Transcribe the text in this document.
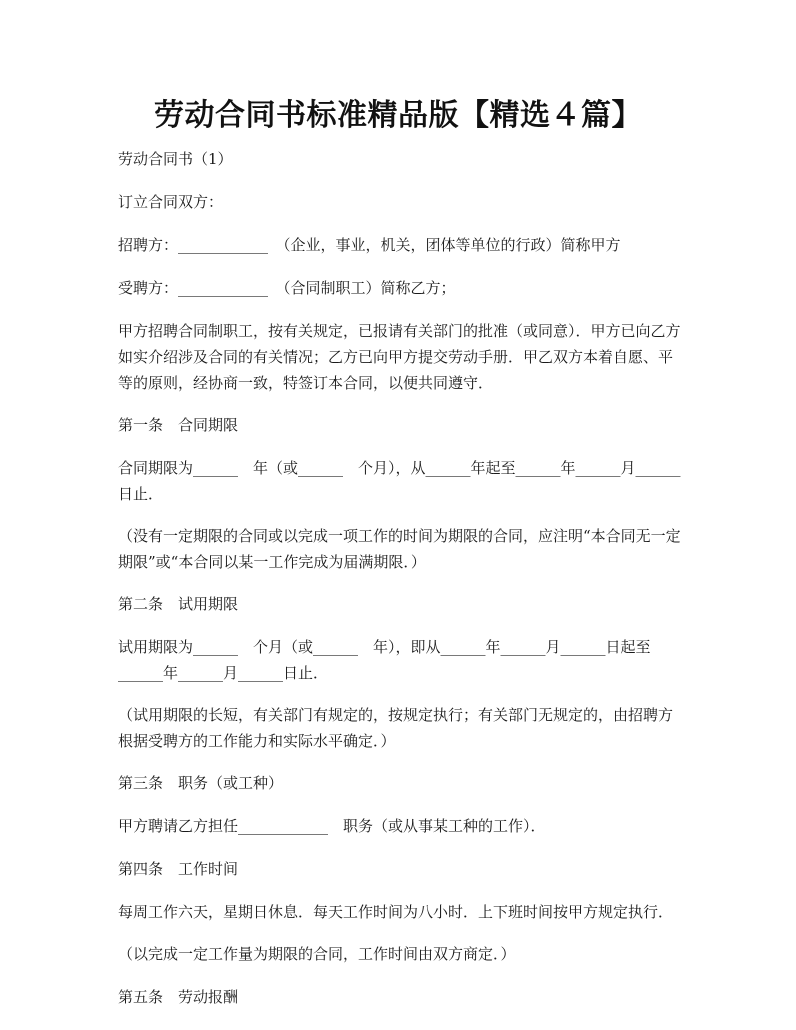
劳动合同书标准精品版【精选４篇】

劳动合同书（1）

订立合同双方：

招聘方：____________　（企业，事业，机关，团体等单位的行政）简称甲方

受聘方：____________　（合同制职工）简称乙方；

甲方招聘合同制职工，按有关规定，已报请有关部门的批准（或同意）．甲方已向乙方如实介绍涉及合同的有关情况；乙方已向甲方提交劳动手册．甲乙双方本着自愿、平等的原则，经协商一致，特签订本合同，以便共同遵守．

第一条　合同期限

合同期限为______　年（或______　个月），从______年起至______年______月______日止．

（没有一定期限的合同或以完成一项工作的时间为期限的合同，应注明“本合同无一定期限”或“本合同以某一工作完成为届满期限．）

第二条　试用期限

试用期限为______　个月（或______　年），即从______年______月______日起至______年______月______日止．

（试用期限的长短，有关部门有规定的，按规定执行；有关部门无规定的，由招聘方根据受聘方的工作能力和实际水平确定．）

第三条　职务（或工种）

甲方聘请乙方担任____________　职务（或从事某工种的工作）．

第四条　工作时间

每周工作六天，星期日休息．每天工作时间为八小时．上下班时间按甲方规定执行．

（以完成一定工作量为期限的合同，工作时间由双方商定．）

第五条　劳动报酬
